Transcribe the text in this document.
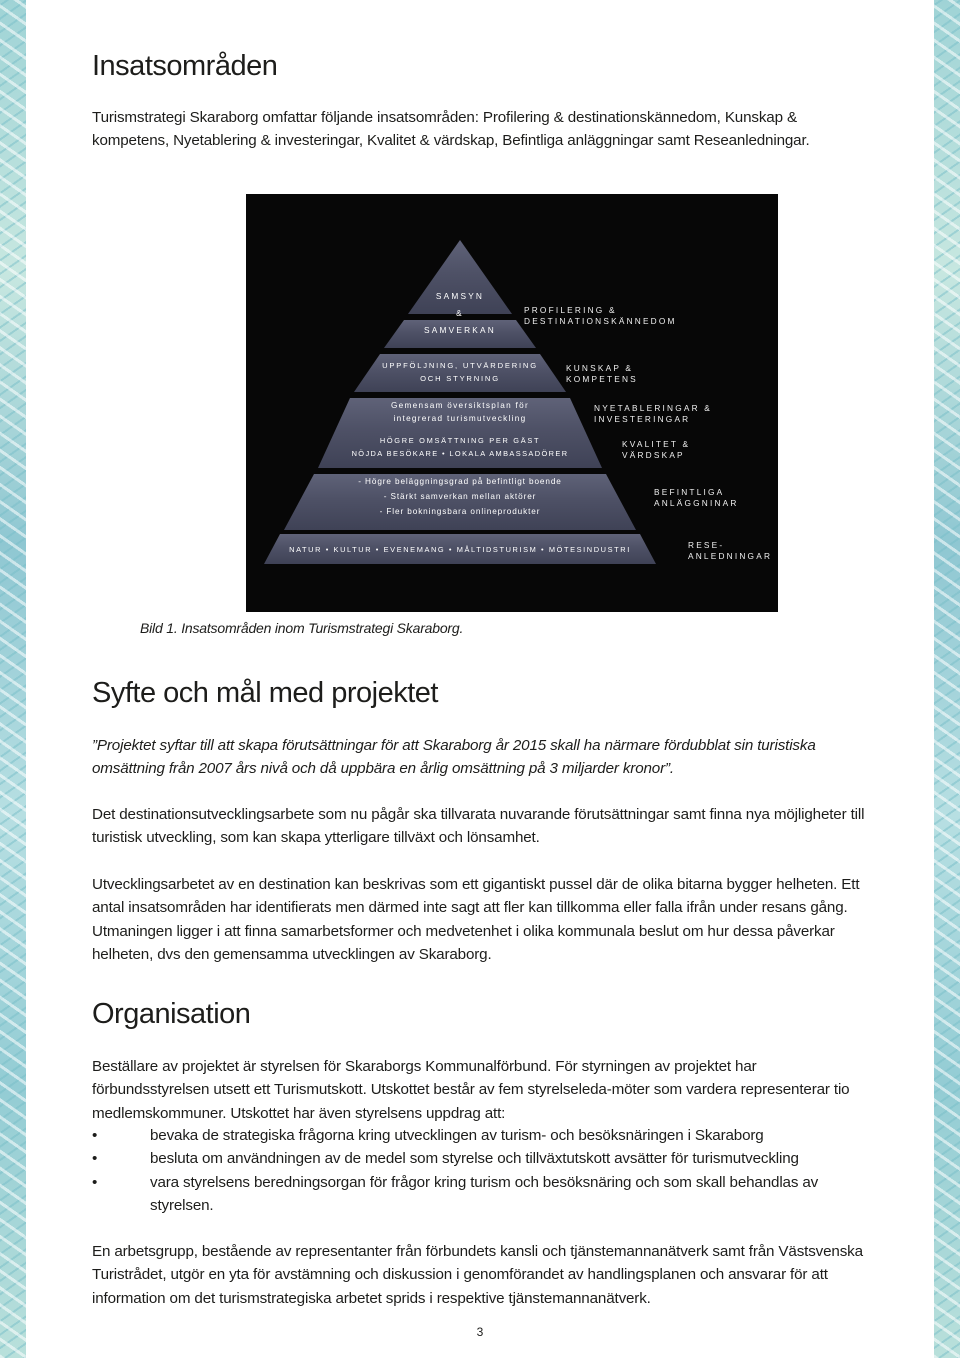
Insatsområden

Turismstrategi Skaraborg omfattar följande insatsområden: Profilering & destinationskännedom, Kunskap & kompetens, Nyetablering & investeringar, Kvalitet & värdskap, Befintliga anläggningar samt Reseanledningar.

SAMSYN
&
SAMVERKAN
UPPFÖLJNING, UTVÄRDERING
OCH STYRNING
Gemensam översiktsplan för
integrerad turismutveckling
HÖGRE OMSÄTTNING PER GÄST
NÖJDA BESÖKARE • LOKALA AMBASSADÖRER
- Högre beläggningsgrad på befintligt boende
- Stärkt samverkan mellan aktörer
- Fler bokningsbara onlineprodukter
NATUR • KULTUR • EVENEMANG • MÅLTIDSTURISM • MÖTESINDUSTRI
PROFILERING &
DESTINATIONSKÄNNEDOM
KUNSKAP &
KOMPETENS
NYETABLERINGAR &
INVESTERINGAR
KVALITET &
VÄRDSKAP
BEFINTLIGA
ANLÄGGNINAR
RESE-
ANLEDNINGAR

Bild 1. Insatsområden inom Turismstrategi Skaraborg.

Syfte och mål med projektet

”Projektet syftar till att skapa förutsättningar för att Skaraborg år 2015 skall ha närmare fördubblat sin turistiska omsättning från 2007 års nivå och då uppbära en årlig omsättning på 3 miljarder kronor”.

Det destinationsutvecklingsarbete som nu pågår ska tillvarata nuvarande förutsättningar samt finna nya möjligheter till turistisk utveckling, som kan skapa ytterligare tillväxt och lönsamhet.

Utvecklingsarbetet av en destination kan beskrivas som ett gigantiskt pussel där de olika bitarna bygger helheten. Ett antal insatsområden har identifierats men därmed inte sagt att fler kan tillkomma eller falla ifrån under resans gång. Utmaningen ligger i att finna samarbetsformer och medvetenhet i olika kommunala beslut om hur dessa påverkar helheten, dvs den gemensamma utvecklingen av Skaraborg.

Organisation

Beställare av projektet är styrelsen för Skaraborgs Kommunalförbund. För styrningen av projektet har förbundsstyrelsen utsett ett Turismutskott. Utskottet består av fem styrelseleda-möter som vardera representerar tio medlemskommuner. Utskottet har även styrelsens uppdrag att:

•	bevaka de strategiska frågorna kring utvecklingen av turism- och besöksnäringen i Skaraborg
•	besluta om användningen av de medel som styrelse och tillväxtutskott avsätter för turismutveckling
•	vara styrelsens beredningsorgan för frågor kring turism och besöksnäring och som skall behandlas av styrelsen.

En arbetsgrupp, bestående av representanter från förbundets kansli och tjänstemannanätverk samt från Västsvenska Turistrådet, utgör en yta för avstämning och diskussion i genomförandet av handlingsplanen och ansvarar för att information om det turismstrategiska arbetet sprids i respektive tjänstemannanätverk.

3
